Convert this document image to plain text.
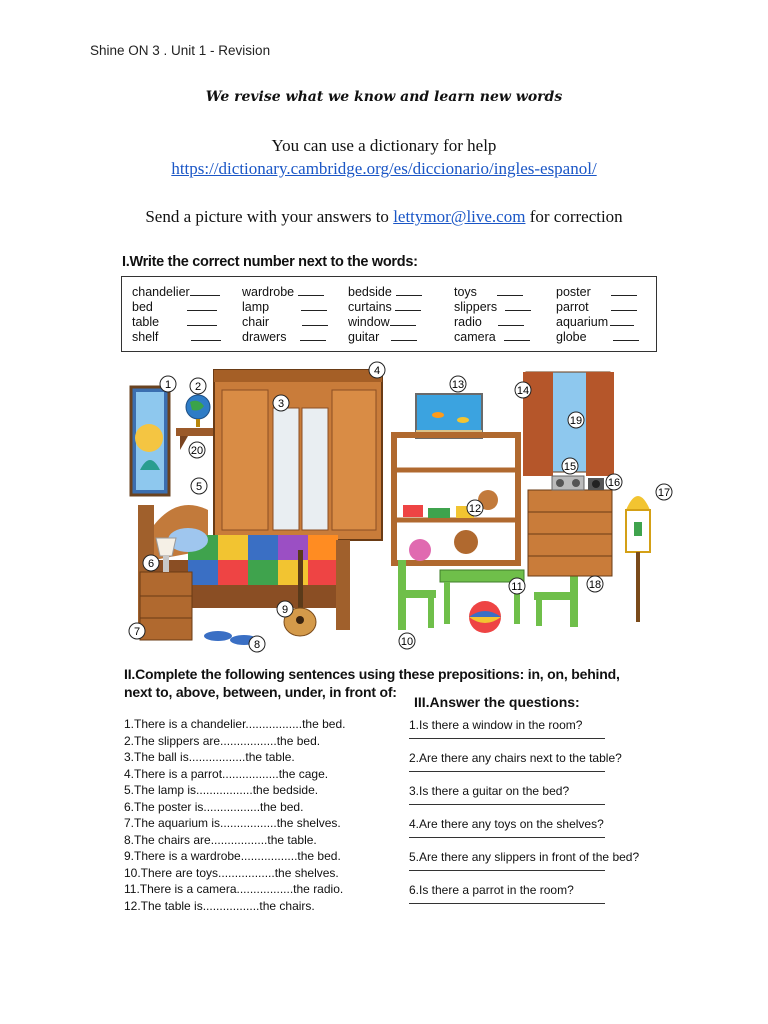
Shine ON 3 . Unit 1 - Revision
We revise what we know and learn new words
You can use a dictionary for help
https://dictionary.cambridge.org/es/diccionario/ingles-espanol/
Send a picture with your answers to lettymor@live.com for correction
I.Write the correct number next to the words:
chandelier
bed
table
shelf
wardrobe
lamp
chair
drawers
bedside
curtains
window
guitar
toys
slippers
radio
camera
poster
parrot
aquarium
globe
1 2
3
4
5
6
7
8
9
10
11
12
13	14
15
16
17
18
19
20
II.Complete the following sentences using these prepositions: in, on, behind,
next to, above, between, under, in front of:
III.Answer the questions:
1.There is a chandelier.................the bed.
2.The slippers are.................the bed.
3.The ball is.................the table.
4.There is a parrot.................the cage.
5.The lamp is.................the bedside.
6.The poster is.................the bed.
7.The aquarium is.................the shelves.
8.The chairs are.................the table.
9.There is a wardrobe.................the bed.
10.There are toys.................the shelves.
11.There is a camera.................the radio.
12.The table is.................the chairs.
1.Is there a window in the room?
2.Are there any chairs next to the table?
3.Is there a guitar on the bed?
4.Are there any toys on the shelves?
5.Are there any slippers in front of the bed?
6.Is there a parrot in the room?
